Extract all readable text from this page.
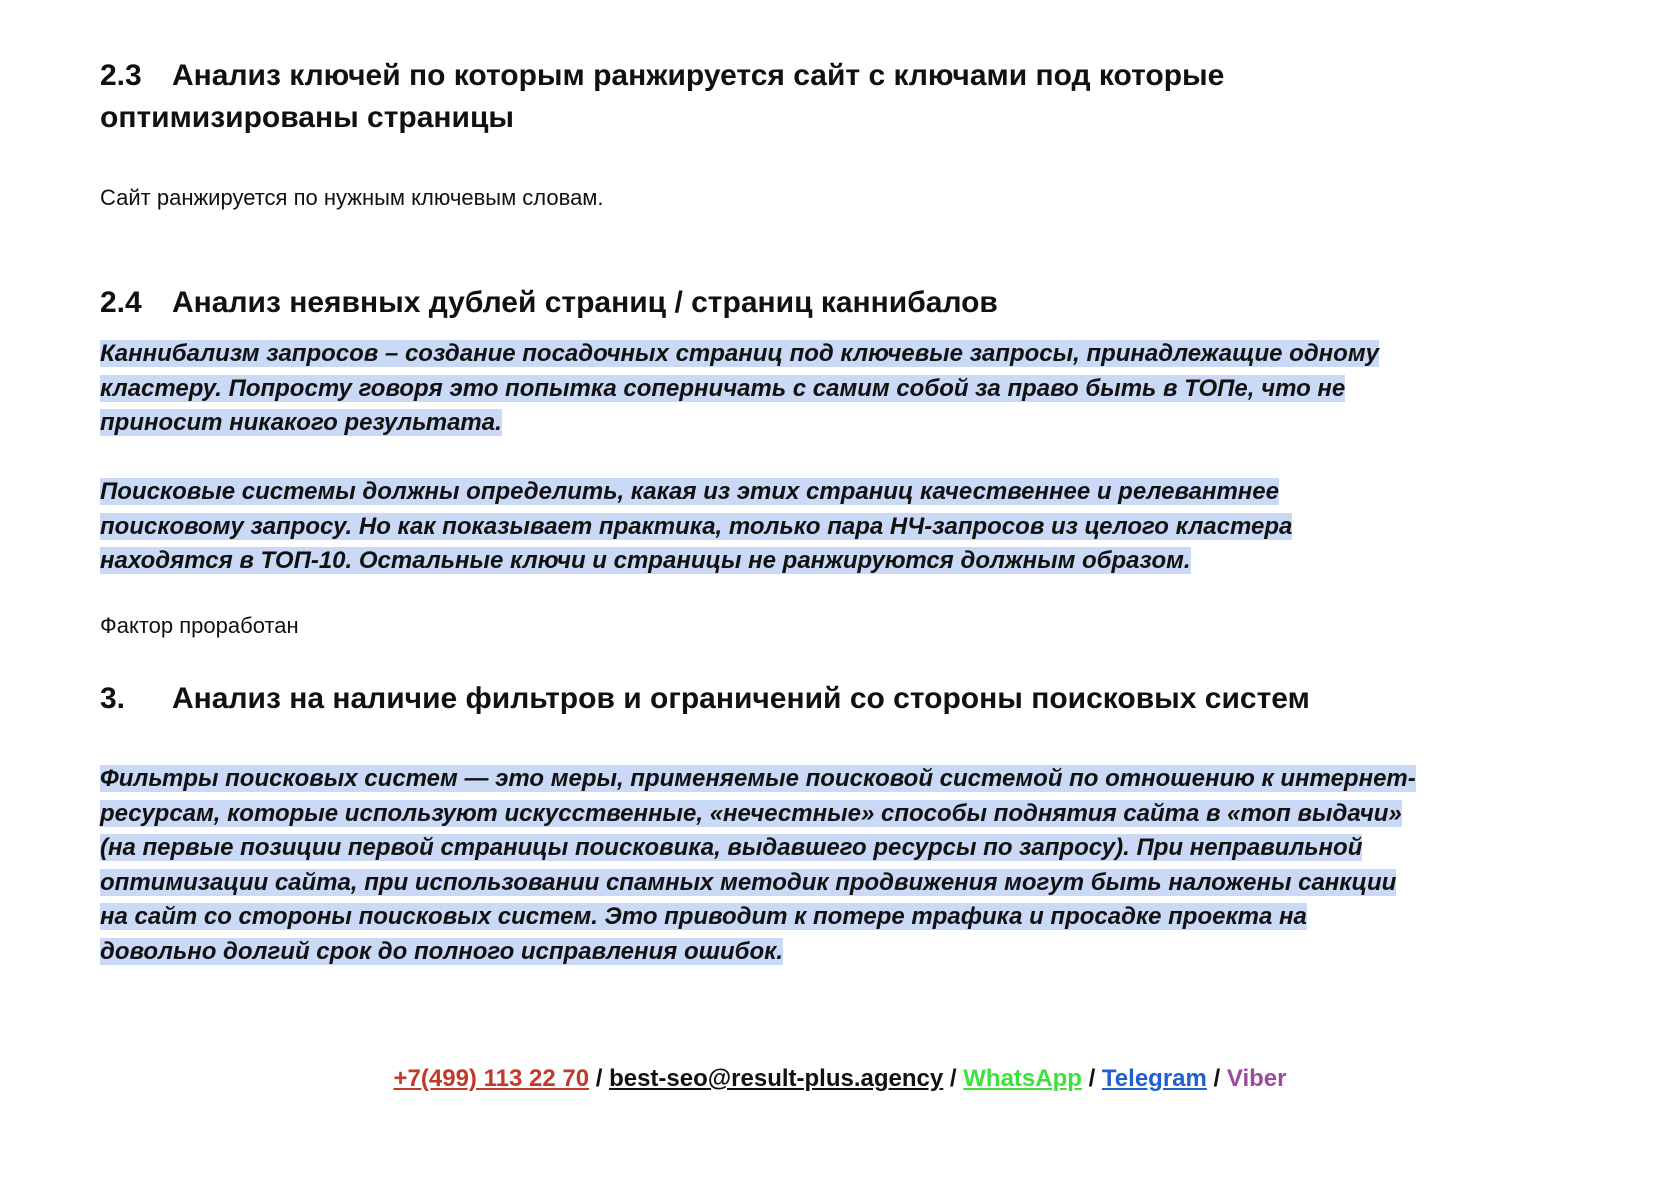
2.3 Анализ ключей по которым ранжируется сайт с ключами под которые
оптимизированы страницы

Сайт ранжируется по нужным ключевым словам.

2.4 Анализ неявных дублей страниц / страниц каннибалов
Каннибализм запросов – создание посадочных страниц под ключевые запросы, принадлежащие одному
кластеру. Попросту говоря это попытка соперничать с самим собой за право быть в ТОПе, что не
приносит никакого результата.
Поисковые системы должны определить, какая из этих страниц качественнее и релевантнее
поисковому запросу. Но как показывает практика, только пара НЧ-запросов из целого кластера
находятся в ТОП-10. Остальные ключи и страницы не ранжируются должным образом.

Фактор проработан

3. Анализ на наличие фильтров и ограничений со стороны поисковых систем
Фильтры поисковых систем — это меры, применяемые поисковой системой по отношению к интернет-
ресурсам, которые используют искусственные, «нечестные» способы поднятия сайта в «топ выдачи»
(на первые позиции первой страницы поисковика, выдавшего ресурсы по запросу). При неправильной
оптимизации сайта, при использовании спамных методик продвижения могут быть наложены санкции
на сайт со стороны поисковых систем. Это приводит к потере трафика и просадке проекта на
довольно долгий срок до полного исправления ошибок.
+7(499) 113 22 70 / best-seo@result-plus.agency / WhatsApp / Telegram / Viber
